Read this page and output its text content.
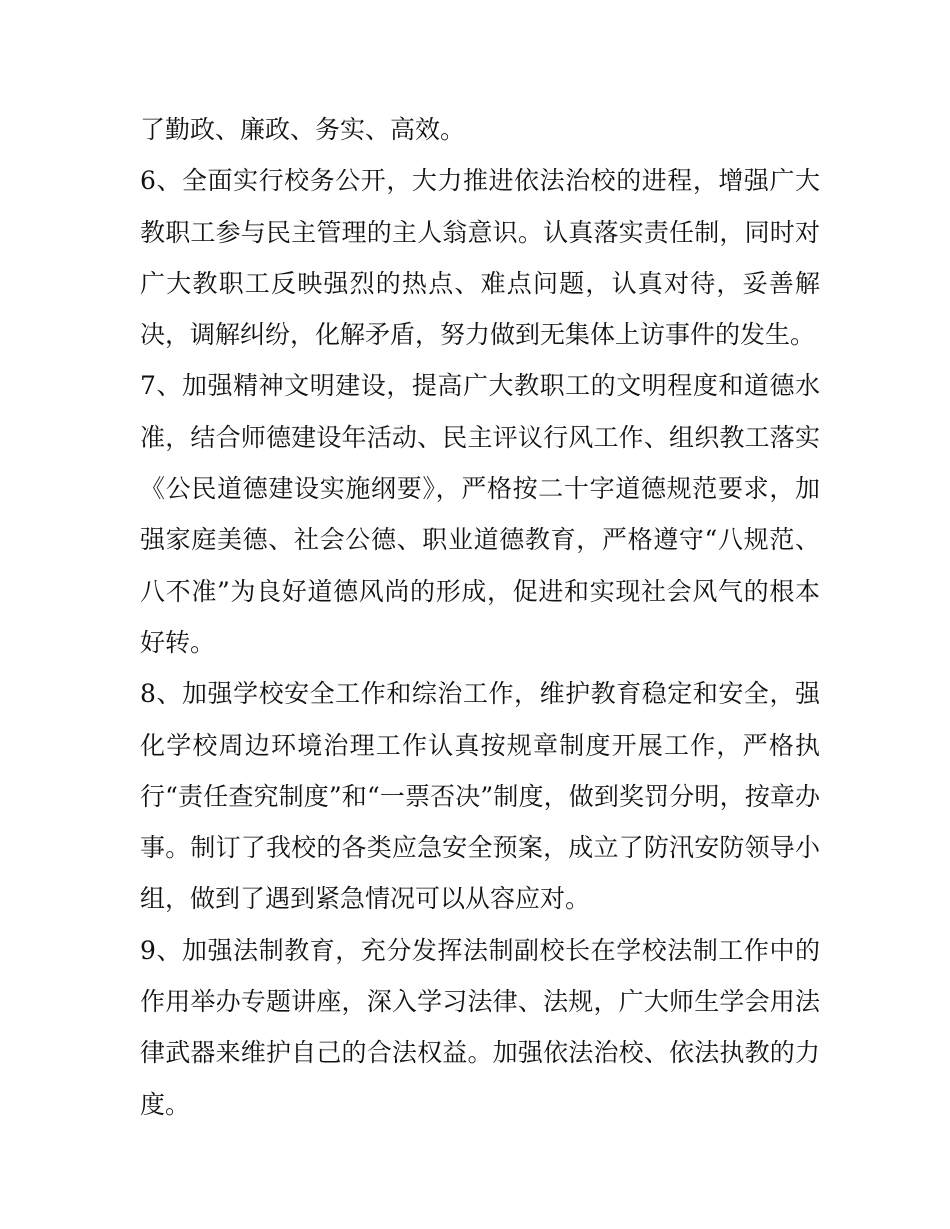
了勤政、廉政、务实、高效。
6、全面实行校务公开，大力推进依法治校的进程，增强广大
教职工参与民主管理的主人翁意识。认真落实责任制，同时对
广大教职工反映强烈的热点、难点问题，认真对待，妥善解
决，调解纠纷，化解矛盾，努力做到无集体上访事件的发生。
7、加强精神文明建设，提高广大教职工的文明程度和道德水
准，结合师德建设年活动、民主评议行风工作、组织教工落实
《公民道德建设实施纲要》，严格按二十字道德规范要求，加
强家庭美德、社会公德、职业道德教育，严格遵守“八规范、
八不准”为良好道德风尚的形成，促进和实现社会风气的根本
好转。
8、加强学校安全工作和综治工作，维护教育稳定和安全，强
化学校周边环境治理工作认真按规章制度开展工作，严格执
行“责任查究制度”和“一票否决”制度，做到奖罚分明，按章办
事。制订了我校的各类应急安全预案，成立了防汛安防领导小
组，做到了遇到紧急情况可以从容应对。
9、加强法制教育，充分发挥法制副校长在学校法制工作中的
作用举办专题讲座，深入学习法律、法规，广大师生学会用法
律武器来维护自己的合法权益。加强依法治校、依法执教的力
度。
